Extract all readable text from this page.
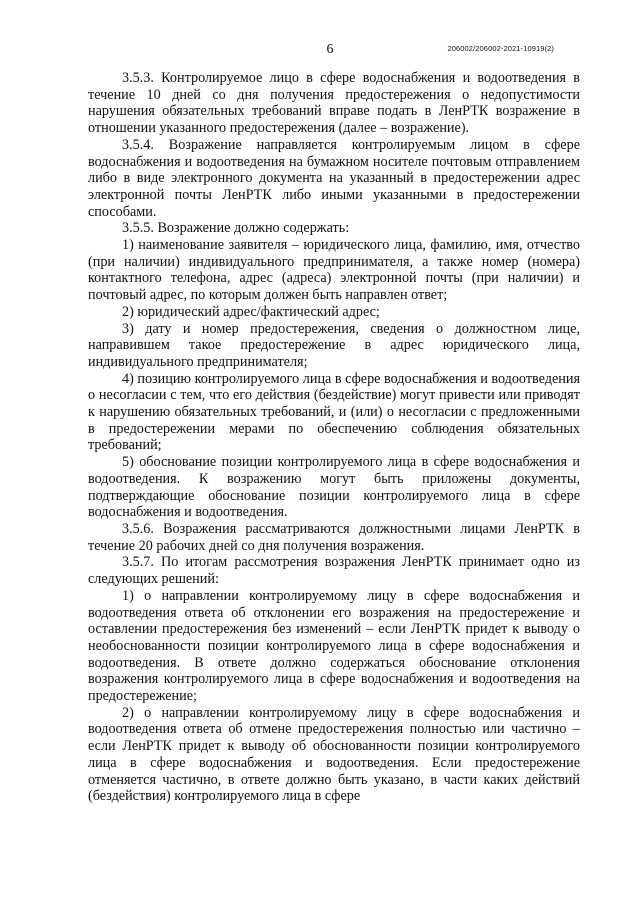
6	206002/206002-2021-10919(2)

3.5.3. Контролируемое лицо в сфере водоснабжения и водоотведения в течение 10 дней со дня получения предостережения о недопустимости нарушения обязательных требований вправе подать в ЛенРТК возражение в отношении указанного предостережения (далее – возражение).

3.5.4. Возражение направляется контролируемым лицом в сфере водоснабжения и водоотведения на бумажном носителе почтовым отправлением либо в виде электронного документа на указанный в предостережении адрес электронной почты ЛенРТК либо иными указанными в предостережении способами.

3.5.5. Возражение должно содержать:

1) наименование заявителя – юридического лица, фамилию, имя, отчество (при наличии) индивидуального предпринимателя, а также номер (номера) контактного телефона, адрес (адреса) электронной почты (при наличии) и почтовый адрес, по которым должен быть направлен ответ;

2) юридический адрес/фактический адрес;

3) дату и номер предостережения, сведения о должностном лице, направившем такое предостережение в адрес юридического лица, индивидуального предпринимателя;

4) позицию контролируемого лица в сфере водоснабжения и водоотведения о несогласии с тем, что его действия (бездействие) могут привести или приводят к нарушению обязательных требований, и (или) о несогласии с предложенными в предостережении мерами по обеспечению соблюдения обязательных требований;

5) обоснование позиции контролируемого лица в сфере водоснабжения и водоотведения. К возражению могут быть приложены документы, подтверждающие обоснование позиции контролируемого лица в сфере водоснабжения и водоотведения.

3.5.6. Возражения рассматриваются должностными лицами ЛенРТК в течение 20 рабочих дней со дня получения возражения.

3.5.7. По итогам рассмотрения возражения ЛенРТК принимает одно из следующих решений:

1) о направлении контролируемому лицу в сфере водоснабжения и водоотведения ответа об отклонении его возражения на предостережение и оставлении предостережения без изменений – если ЛенРТК придет к выводу о необоснованности позиции контролируемого лица в сфере водоснабжения и водоотведения. В ответе должно содержаться обоснование отклонения возражения контролируемого лица в сфере водоснабжения и водоотведения на предостережение;

2) о направлении контролируемому лицу в сфере водоснабжения и водоотведения ответа об отмене предостережения полностью или частично – если ЛенРТК придет к выводу об обоснованности позиции контролируемого лица в сфере водоснабжения и водоотведения. Если предостережение отменяется частично, в ответе должно быть указано, в части каких действий (бездействия) контролируемого лица в сфере
